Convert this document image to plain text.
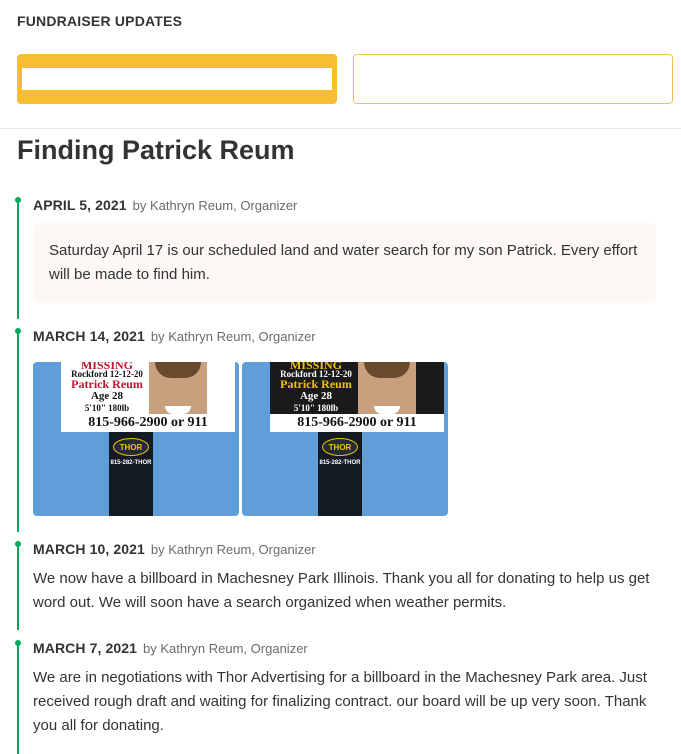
FUNDRAISER UPDATES
Finding Patrick Reum
APRIL 5, 2021 by Kathryn Reum, Organizer
Saturday April 17 is our scheduled land and water search for my son Patrick. Every effort will be made to find him.
MARCH 14, 2021 by Kathryn Reum, Organizer
MISSING
Rockford 12-12-20
Patrick Reum
Age 28
5'10" 180lb
815-966-2900 or 911
THOR
815-282-THOR
MISSING
Rockford 12-12-20
Patrick Reum
Age 28
5'10" 180lb
815-966-2900 or 911
THOR
815-282-THOR
MARCH 10, 2021 by Kathryn Reum, Organizer
We now have a billboard in Machesney Park Illinois. Thank you all for donating to help us get word out. We will soon have a search organized when weather permits.
MARCH 7, 2021 by Kathryn Reum, Organizer
We are in negotiations with Thor Advertising for a billboard in the Machesney Park area. Just received rough draft and waiting for finalizing contract. our board will be up very soon. Thank you all for donating.
